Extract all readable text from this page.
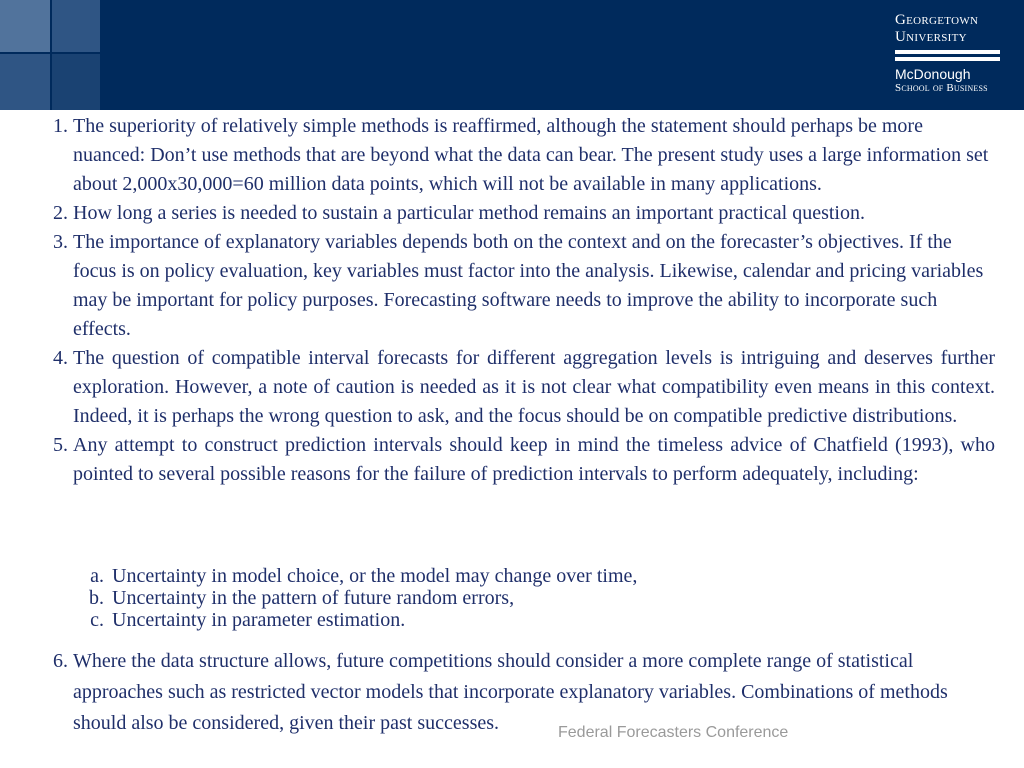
Georgetown
University
McDonough
School of Business
1. The superiority of relatively simple methods is reaffirmed, although the statement should perhaps be more nuanced: Don’t use methods that are beyond what the data can bear. The present study uses a large information set about 2,000x30,000=60 million data points, which will not be available in many applications.
2. How long a series is needed to sustain a particular method remains an important practical question.
3. The importance of explanatory variables depends both on the context and on the forecaster’s objectives. If the focus is on policy evaluation, key variables must factor into the analysis. Likewise, calendar and pricing variables may be important for policy purposes. Forecasting software needs to improve the ability to incorporate such effects.
4. The question of compatible interval forecasts for different aggregation levels is intriguing and deserves further exploration. However, a note of caution is needed as it is not clear what compatibility even means in this context. Indeed, it is perhaps the wrong question to ask, and the focus should be on compatible predictive distributions.
5. Any attempt to construct prediction intervals should keep in mind the timeless advice of Chatfield (1993), who pointed to several possible reasons for the failure of prediction intervals to perform adequately, including:
a. Uncertainty in model choice, or the model may change over time,
b. Uncertainty in the pattern of future random errors,
c. Uncertainty in parameter estimation.
6. Where the data structure allows, future competitions should consider a more complete range of statistical approaches such as restricted vector models that incorporate explanatory variables. Combinations of methods should also be considered, given their past successes.	Federal Forecasters Conference
